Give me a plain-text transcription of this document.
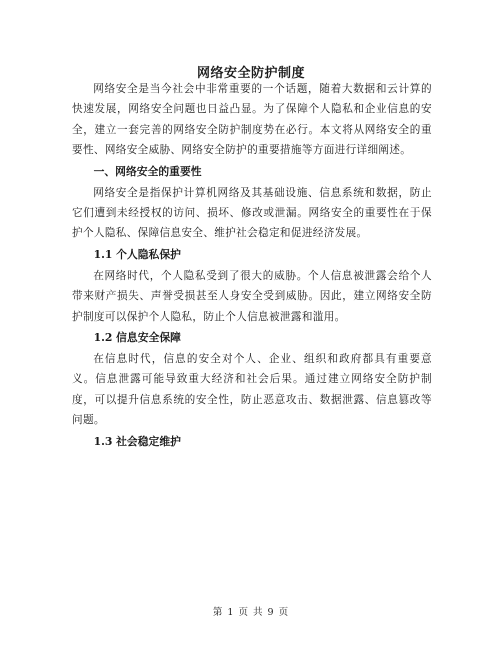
网络安全防护制度

网络安全是当今社会中非常重要的一个话题，随着大数据和云计算的快速发展，网络安全问题也日益凸显。为了保障个人隐私和企业信息的安全，建立一套完善的网络安全防护制度势在必行。本文将从网络安全的重要性、网络安全威胁、网络安全防护的重要措施等方面进行详细阐述。

一、网络安全的重要性

网络安全是指保护计算机网络及其基础设施、信息系统和数据，防止它们遭到未经授权的访问、损坏、修改或泄漏。网络安全的重要性在于保护个人隐私、保障信息安全、维护社会稳定和促进经济发展。

1.1 个人隐私保护

在网络时代，个人隐私受到了很大的威胁。个人信息被泄露会给个人带来财产损失、声誉受损甚至人身安全受到威胁。因此，建立网络安全防护制度可以保护个人隐私，防止个人信息被泄露和滥用。

1.2 信息安全保障

在信息时代，信息的安全对个人、企业、组织和政府都具有重要意义。信息泄露可能导致重大经济和社会后果。通过建立网络安全防护制度，可以提升信息系统的安全性，防止恶意攻击、数据泄露、信息篡改等问题。

1.3 社会稳定维护

第 1 页 共 9 页
